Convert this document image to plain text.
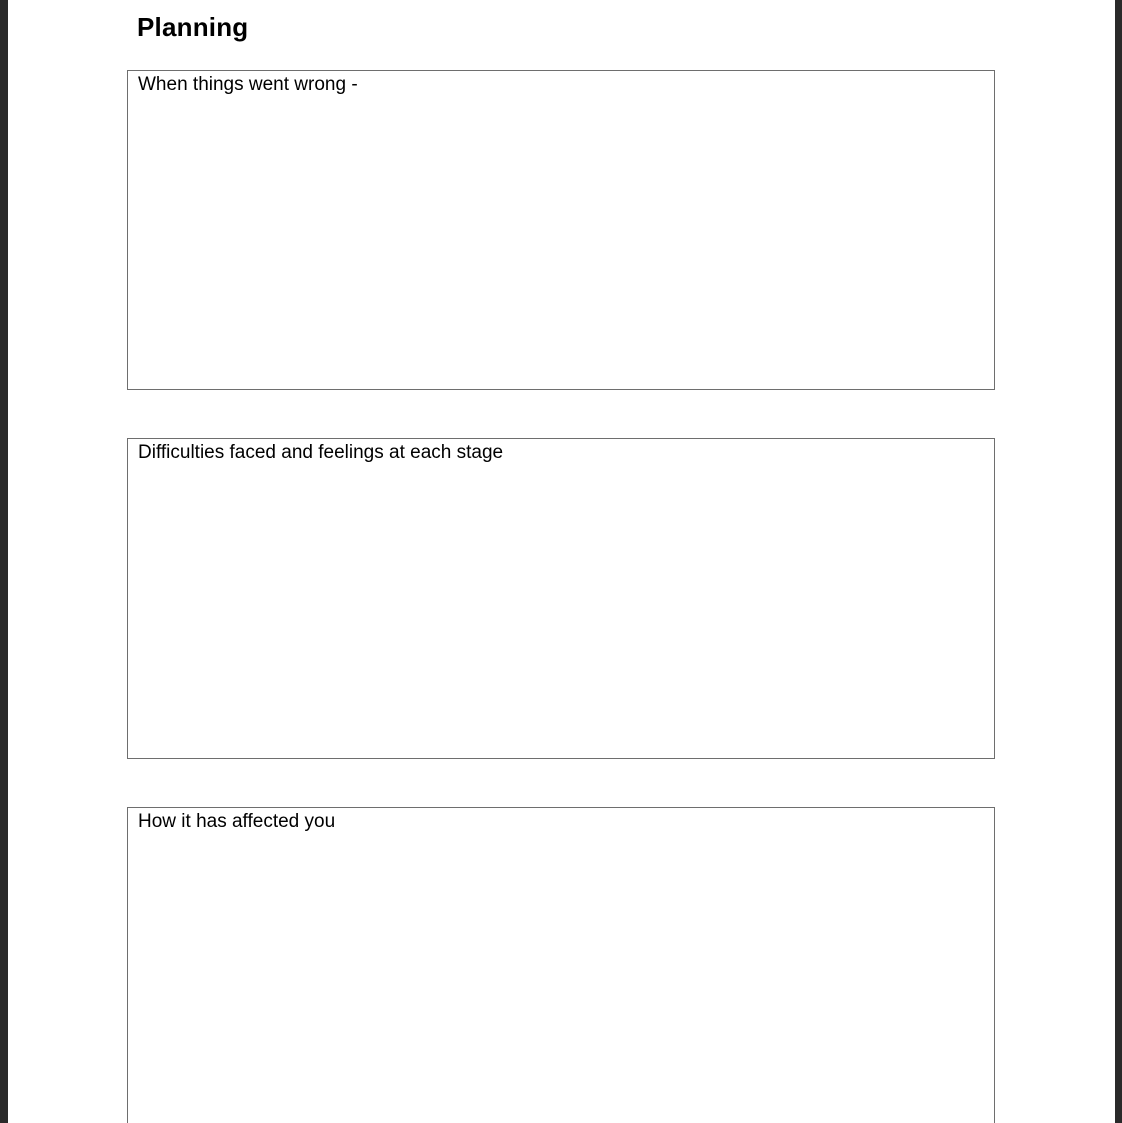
Planning
When things went wrong -
Difficulties faced and feelings at each stage
How it has affected you
